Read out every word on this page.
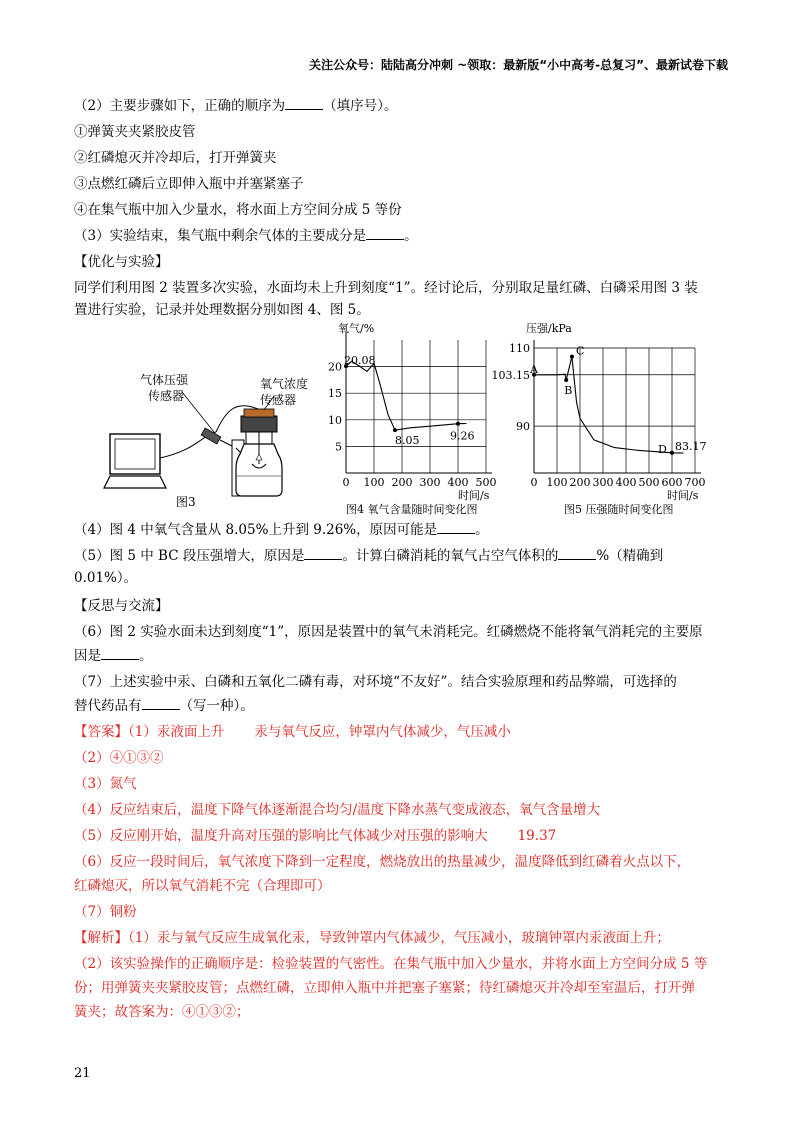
关注公众号：陆陆高分冲刺 ~领取：最新版“小中高考-总复习”、最新试卷下载
（2）主要步骤如下，正确的顺序为	（填序号）。
①弹簧夹夹紧胶皮管
②红磷熄灭并冷却后，打开弹簧夹
③点燃红磷后立即伸入瓶中并塞紧塞子
④在集气瓶中加入少量水，将水面上方空间分成 5 等份
（3）实验结束，集气瓶中剩余气体的主要成分是	。
【优化与实验】
同学们利用图 2 装置多次实验，水面均未上升到刻度“1”。经讨论后，分别取足量红磷、白磷采用图 3 装
置进行实验，记录并处理数据分别如图 4、图 5。
气体压强
传感器
氧气浓度
传感器
图3
0 100 200 300 400 500
5
10
15
20 20.08
8.05	9.26
氧气/%
时间/s
图4 氧气含量随时间变化图
0 100 200 300 400 500 600 700
90
103.15
110
A
B
C
D 83.17
压强/kPa
时间/s
图5 压强随时间变化图
（4）图 4 中氧气含量从 8.05%上升到 9.26%，原因可能是	。
（5）图 5 中 BC 段压强增大，原因是	。计算白磷消耗的氧气占空气体积的	%（精确到
0.01%）。
【反思与交流】
（6）图 2 实验水面未达到刻度“1”，原因是装置中的氧气未消耗完。红磷燃烧不能将氧气消耗完的主要原
因是	。
（7）上述实验中汞、白磷和五氧化二磷有毒，对环境“不友好”。结合实验原理和药品弊端，可选择的
替代药品有	（写一种）。
【答案】（1）汞液面上升 汞与氧气反应，钟罩内气体减少，气压减小
（2）④①③②
（3）氮气
（4）反应结束后，温度下降气体逐渐混合均匀/温度下降水蒸气变成液态，氧气含量增大
（5）反应刚开始，温度升高对压强的影响比气体减少对压强的影响大 19.37
（6）反应一段时间后，氧气浓度下降到一定程度，燃烧放出的热量减少，温度降低到红磷着火点以下，
红磷熄灭，所以氧气消耗不完（合理即可）
（7）铜粉
【解析】（1）汞与氧气反应生成氧化汞，导致钟罩内气体减少，气压减小，玻璃钟罩内汞液面上升；
（2）该实验操作的正确顺序是：检验装置的气密性。在集气瓶中加入少量水，并将水面上方空间分成 5 等
份；用弹簧夹夹紧胶皮管；点燃红磷，立即伸入瓶中并把塞子塞紧；待红磷熄灭并冷却至室温后，打开弹
簧夹；故答案为：④①③②；
21
